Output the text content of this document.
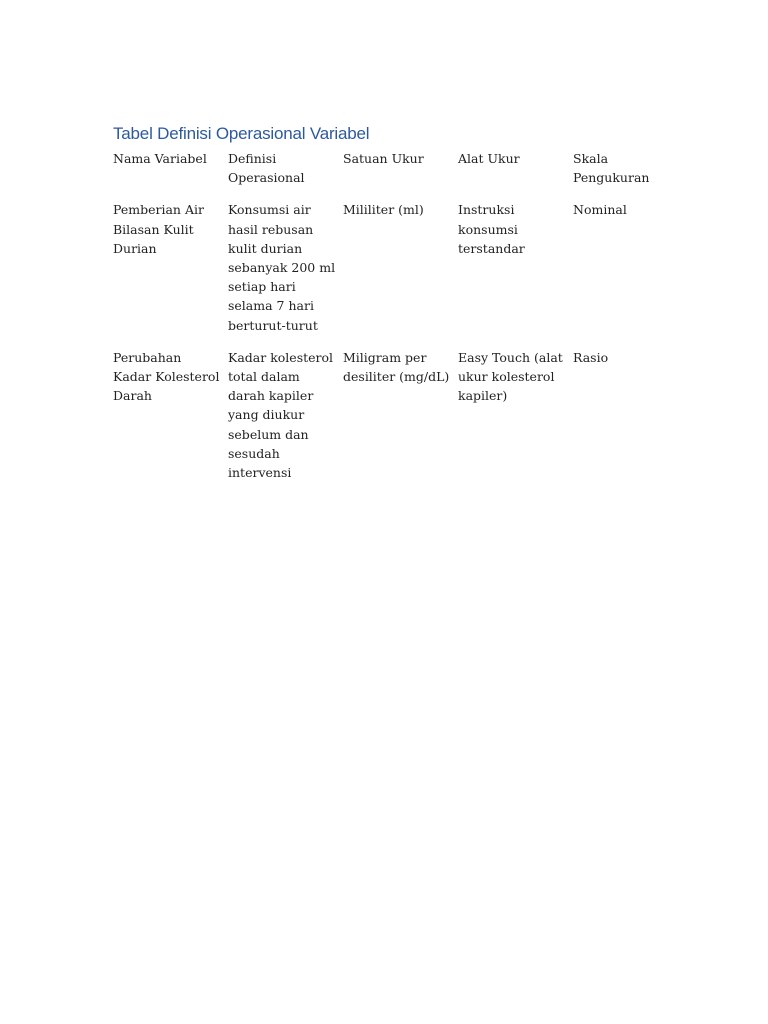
Tabel Definisi Operasional Variabel
Nama Variabel	Definisi Operasional	Satuan Ukur	Alat Ukur	Skala Pengukuran
Pemberian Air Bilasan Kulit Durian	Konsumsi air hasil rebusan kulit durian sebanyak 200 ml setiap hari selama 7 hari berturut-turut	Mililiter (ml)	Instruksi konsumsi terstandar	Nominal
Perubahan Kadar Kolesterol Darah	Kadar kolesterol total dalam darah kapiler yang diukur sebelum dan sesudah intervensi	Miligram per desiliter (mg/dL)	Easy Touch (alat ukur kolesterol kapiler)	Rasio
